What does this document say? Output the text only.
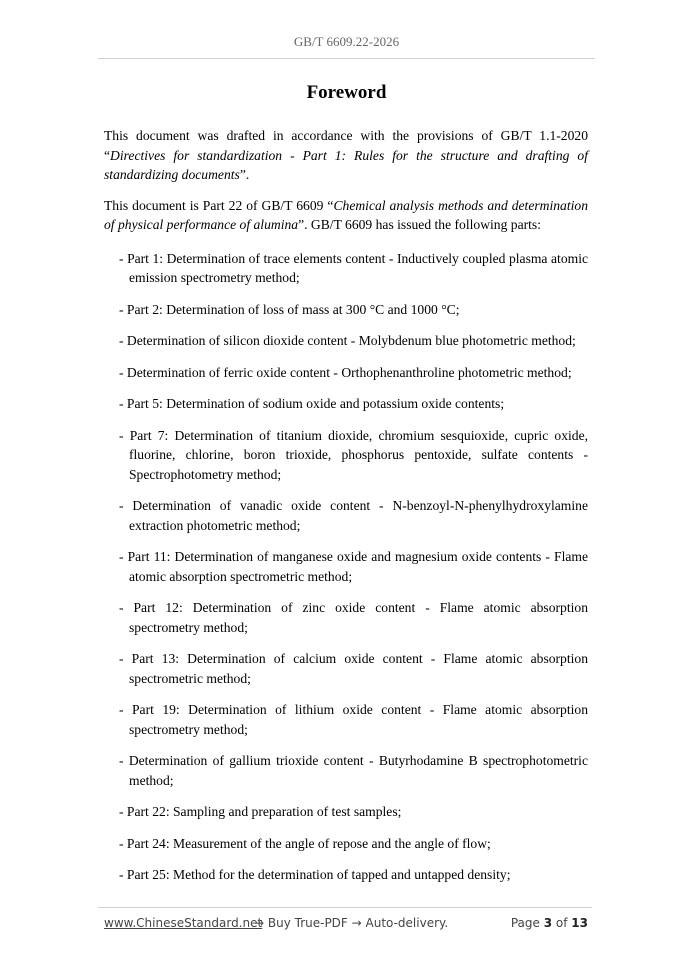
GB/T 6609.22-2026
Foreword

This document was drafted in accordance with the provisions of GB/T 1.1-2020 “Directives for standardization - Part 1: Rules for the structure and drafting of standardizing documents”.

This document is Part 22 of GB/T 6609 “Chemical analysis methods and determination of physical performance of alumina”. GB/T 6609 has issued the following parts:

- Part 1: Determination of trace elements content - Inductively coupled plasma atomic emission spectrometry method;
- Part 2: Determination of loss of mass at 300 °C and 1000 °C;
- Determination of silicon dioxide content - Molybdenum blue photometric method;
- Determination of ferric oxide content - Orthophenanthroline photometric method;
- Part 5: Determination of sodium oxide and potassium oxide contents;
- Part 7: Determination of titanium dioxide, chromium sesquioxide, cupric oxide, fluorine, chlorine, boron trioxide, phosphorus pentoxide, sulfate contents - Spectrophotometry method;
- Determination of vanadic oxide content - N-benzoyl-N-phenylhydroxylamine extraction photometric method;
- Part 11: Determination of manganese oxide and magnesium oxide contents - Flame atomic absorption spectrometric method;
- Part 12: Determination of zinc oxide content - Flame atomic absorption spectrometry method;
- Part 13: Determination of calcium oxide content - Flame atomic absorption spectrometric method;
- Part 19: Determination of lithium oxide content - Flame atomic absorption spectrometry method;
- Determination of gallium trioxide content - Butyrhodamine B spectrophotometric method;
- Part 22: Sampling and preparation of test samples;
- Part 24: Measurement of the angle of repose and the angle of flow;
- Part 25: Method for the determination of tapped and untapped density;
www.ChineseStandard.net
→ Buy True-PDF → Auto-delivery.	Page 3 of 13
